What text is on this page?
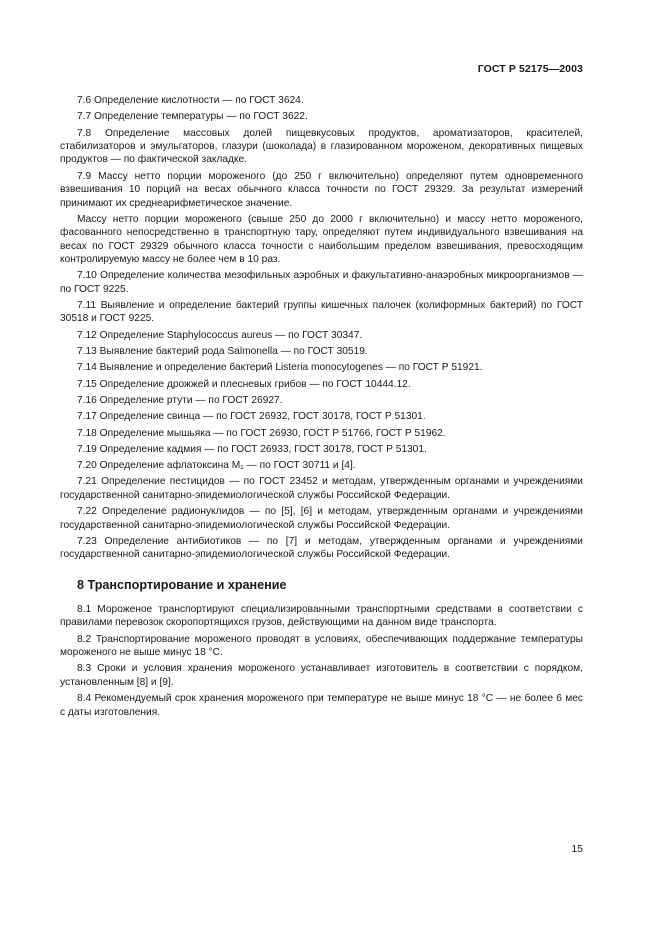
ГОСТ Р 52175—2003

7.6 Определение кислотности — по ГОСТ 3624.

7.7 Определение температуры — по ГОСТ 3622.

7.8 Определение массовых долей пищевкусовых продуктов, ароматизаторов, красителей, стабилизаторов и эмульгаторов, глазури (шоколада) в глазированном мороженом, декоративных пищевых продуктов — по фактической закладке.

7.9 Массу нетто порции мороженого (до 250 г включительно) определяют путем одновременного взвешивания 10 порций на весах обычного класса точности по ГОСТ 29329. За результат измерений принимают их среднеарифметическое значение.

Массу нетто порции мороженого (свыше 250 до 2000 г включительно) и массу нетто мороженого, фасованного непосредственно в транспортную тару, определяют путем индивидуального взвешивания на весах по ГОСТ 29329 обычного класса точности с наибольшим пределом взвешивания, превосходящим контролируемую массу не более чем в 10 раз.

7.10 Определение количества мезофильных аэробных и факультативно-анаэробных микроорганизмов — по ГОСТ 9225.

7.11 Выявление и определение бактерий группы кишечных палочек (колиформных бактерий) по ГОСТ 30518 и ГОСТ 9225.

7.12 Определение Staphylococcus aureus — по ГОСТ 30347.

7.13 Выявление бактерий рода Salmonella — по ГОСТ 30519.

7.14 Выявление и определение бактерий Listeria monocytogenes — по ГОСТ Р 51921.

7.15 Определение дрожжей и плесневых грибов — по ГОСТ 10444.12.

7.16 Определение ртути — по ГОСТ 26927.

7.17 Определение свинца — по ГОСТ 26932, ГОСТ 30178, ГОСТ Р 51301.

7.18 Определение мышьяка — по ГОСТ 26930, ГОСТ Р 51766, ГОСТ Р 51962.

7.19 Определение кадмия — по ГОСТ 26933, ГОСТ 30178, ГОСТ Р 51301.

7.20 Определение афлатоксина M₁ — по ГОСТ 30711 и [4].

7.21 Определение пестицидов — по ГОСТ 23452 и методам, утвержденным органами и учреждениями государственной санитарно-эпидемиологической службы Российской Федерации.

7.22 Определение радионуклидов — по [5], [6] и методам, утвержденным органами и учреждениями государственной санитарно-эпидемиологической службы Российской Федерации.

7.23 Определение антибиотиков — по [7] и методам, утвержденным органами и учреждениями государственной санитарно-эпидемиологической службы Российской Федерации.

8 Транспортирование и хранение

8.1 Мороженое транспортируют специализированными транспортными средствами в соответствии с правилами перевозок скоропортящихся грузов, действующими на данном виде транспорта.

8.2 Транспортирование мороженого проводят в условиях, обеспечивающих поддержание температуры мороженого не выше минус 18 °С.

8.3 Сроки и условия хранения мороженого устанавливает изготовитель в соответствии с порядком, установленным [8] и [9].

8.4 Рекомендуемый срок хранения мороженого при температуре не выше минус 18 °С — не более 6 мес с даты изготовления.

15
